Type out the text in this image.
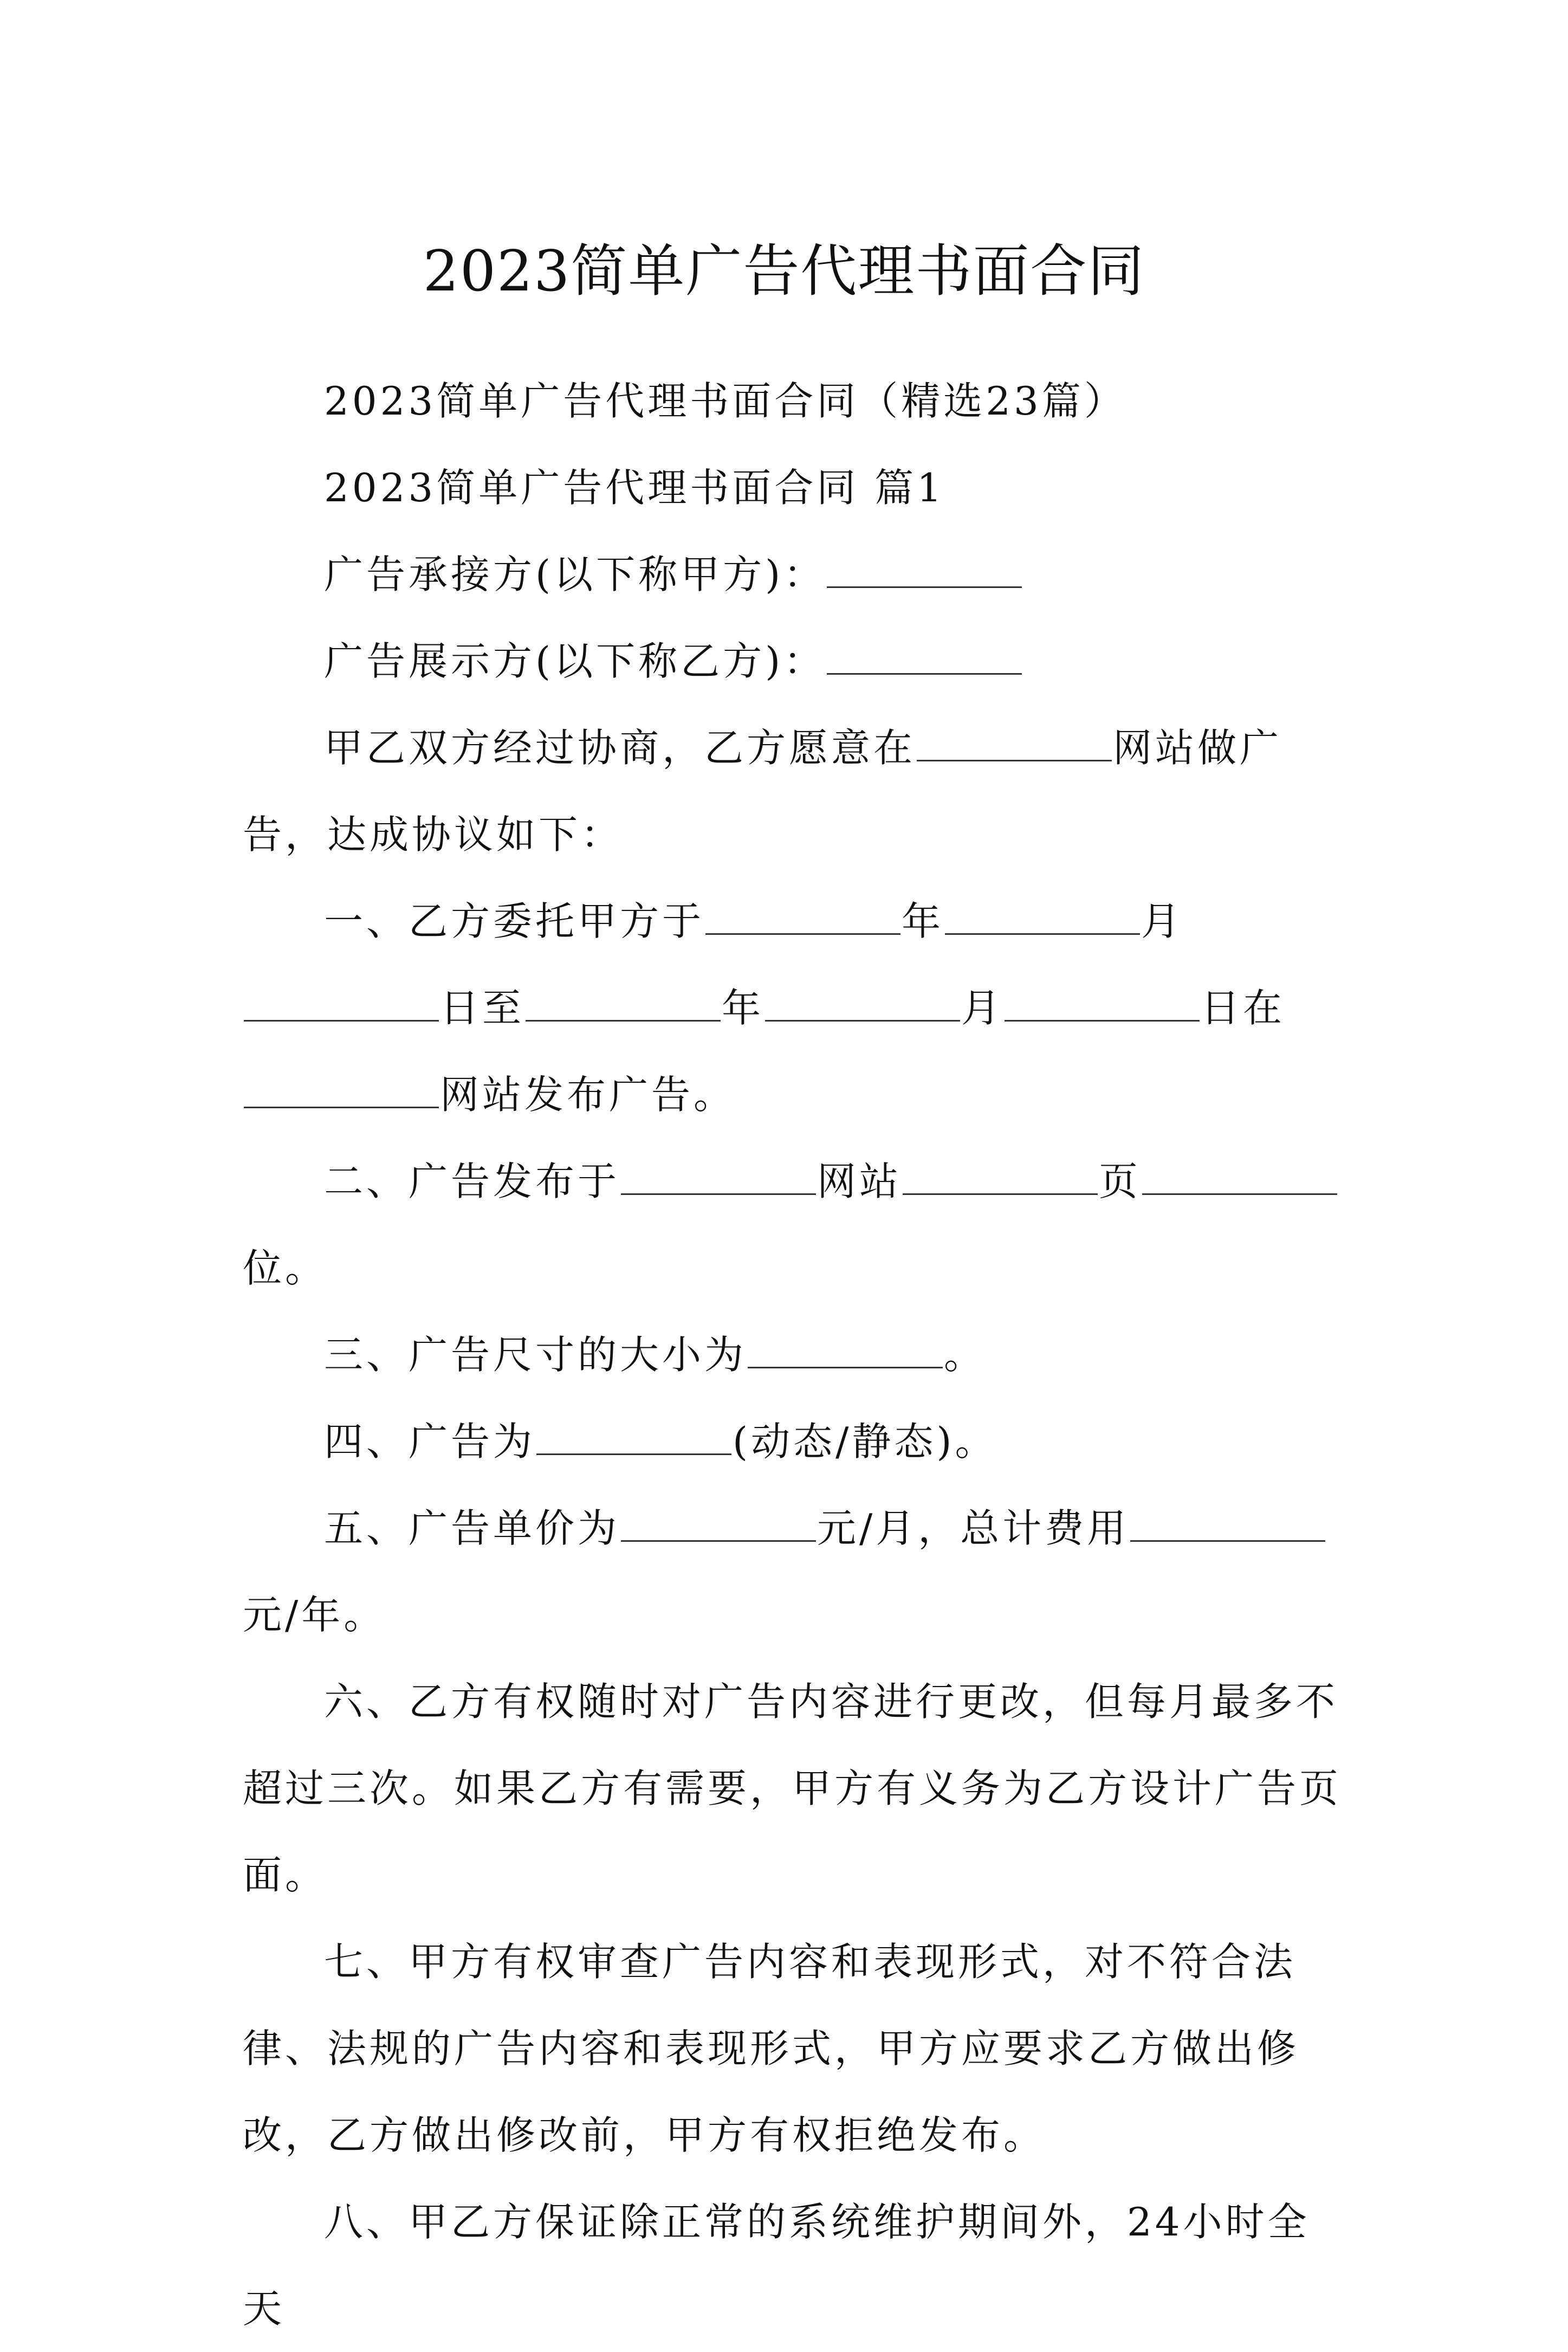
2023简单广告代理书面合同

2023简单广告代理书面合同（精选23篇）

2023简单广告代理书面合同 篇1

广告承接方(以下称甲方)：

广告展示方(以下称乙方)：

甲乙双方经过协商，乙方愿意在	网站做广告，达成协议如下：

一、乙方委托甲方于	年	月日至	年	月	日在网站发布广告。

二、广告发布于	网站	页位。

三、广告尺寸的大小为	。

四、广告为	(动态/静态)。

五、广告单价为	元/月，总计费用元/年。

六、乙方有权随时对广告内容进行更改，但每月最多不超过三次。如果乙方有需要，甲方有义务为乙方设计广告页面。

七、甲方有权审查广告内容和表现形式，对不符合法律、法规的广告内容和表现形式，甲方应要求乙方做出修改，乙方做出修改前，甲方有权拒绝发布。

八、甲乙方保证除正常的系统维护期间外，24小时全天
